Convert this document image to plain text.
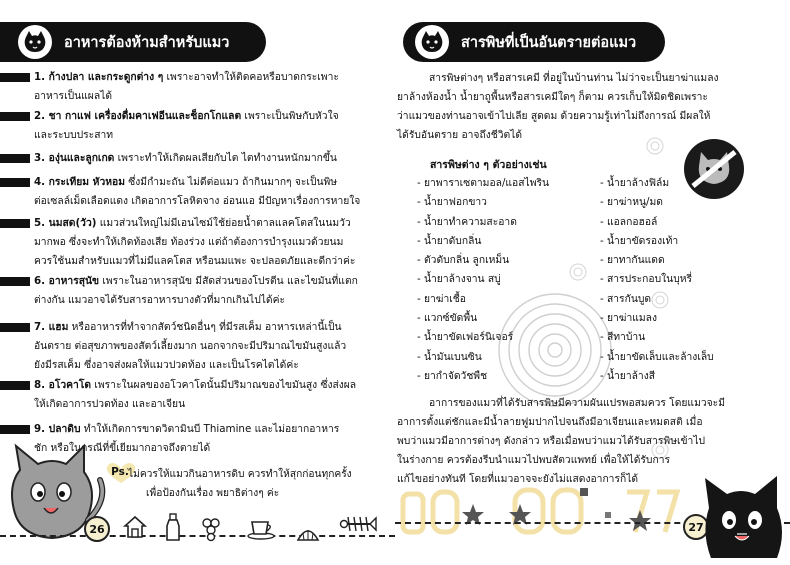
อาหารต้องห้ามสำหรับแมว
1. ก้างปลา และกระดูกต่าง ๆ เพราะอาจทำให้ติดคอหรือบาดกระเพาะ
อาหารเป็นแผลได้
2. ชา กาแฟ เครื่องดื่มคาเฟอีนและช็อกโกแลต เพราะเป็นพิษกับหัวใจ
และระบบประสาท
3. องุ่นและลูกเกด เพราะทำให้เกิดผลเสียกับไต ไตทำงานหนักมากขึ้น
4. กระเทียม หัวหอม ซึ่งมีกำมะถัน ไม่ดีต่อแมว ถ้ากินมากๆ จะเป็นพิษ
ต่อเซลล์เม็ดเลือดแดง เกิดอาการโลหิตจาง อ่อนแอ มีปัญหาเรื่องการหายใจ
5. นมสด(วัว) แมวส่วนใหญ่ไม่มีเอนไซม์ใช้ย่อยน้ำตาลแลคโตสในนมวัว
มากพอ ซึ่งจะทำให้เกิดท้องเสีย ท้องร่วง แต่ถ้าต้องการบำรุงแมวด้วยนม
ควรใช้นมสำหรับแมวที่ไม่มีแลคโตส หรือนมแพะ จะปลอดภัยและดีกว่าค่ะ
6. อาหารสุนัข เพราะในอาหารสุนัข มีสัดส่วนของโปรตีน และไขมันที่แตก
ต่างกัน แมวอาจได้รับสารอาหารบางตัวที่มากเกินไปได้ค่ะ
7. แฮม หรืออาหารที่ทำจากสัตว์ชนิดอื่นๆ ที่มีรสเค็ม อาหารเหล่านี้เป็น
อันตราย ต่อสุขภาพของสัตว์เลี้ยงมาก นอกจากจะมีปริมาณไขมันสูงแล้ว
ยังมีรสเค็ม ซึ่งอาจส่งผลให้แมวปวดท้อง และเป็นโรคไตได้ค่ะ
8. อโวคาโด เพราะในผลของอโวคาโดนั้นมีปริมาณของไขมันสูง ซึ่งส่งผล
ให้เกิดอาการปวดท้อง และอาเจียน
9. ปลาดิบ ทำให้เกิดการขาดวิตามินบี Thiamine และไม่อยากอาหาร
ชัก หรือในกรณีที่ขี้เยียมากอาจถึงตายได้
Ps. ไม่ควรให้แมวกินอาหารดิบ ควรทำให้สุกก่อนทุกครั้ง
เพื่อป้องกันเรื่อง พยาธิต่างๆ ค่ะ
26
สารพิษที่เป็นอันตรายต่อแมว
สารพิษต่างๆ หรือสารเคมี ที่อยู่ในบ้านท่าน ไม่ว่าจะเป็นยาฆ่าแมลง
ยาล้างห้องน้ำ น้ำยาถูพื้นหรือสารเคมีใดๆ ก็ตาม ควรเก็บให้มิดชิดเพราะ
ว่าแมวของท่านอาจเข้าไปเลีย สูดดม ด้วยความรู้เท่าไม่ถึงการณ์ มีผลให้
ได้รับอันตราย อาจถึงชีวิตได้
สารพิษต่าง ๆ ตัวอย่างเช่น
- ยาพาราเซตามอล/แอสไพริน
- น้ำยาฟอกขาว
- น้ำยาทำความสะอาด
- น้ำยาดับกลิ่น
- ตัวดับกลิ่น ลูกเหม็น
- น้ำยาล้างจาน สบู่
- ยาฆ่าเชื้อ
- แวกซ์ขัดพื้น
- น้ำยาขัดเฟอร์นิเจอร์
- น้ำมันเบนซิน
- ยากำจัดวัชพืช
- น้ำยาล้างฟิล์ม
- ยาฆ่าหนู/มด
- แอลกอฮอล์
- น้ำยาขัดรองเท้า
- ยาทากันแดด
- สารประกอบในบุหรี่
- สารกันบูด
- ยาฆ่าแมลง
- สีทาบ้าน
- น้ำยาขัดเล็บและล้างเล็บ
- น้ำยาล้างสี
อาการของแมวที่ได้รับสารพิษมีความผันแปรพอสมควร โดยแมวจะมี
อาการตั้งแต่ชักและมีน้ำลายฟูมปากไปจนถึงมีอาเจียนและหมดสติ เมื่อ
พบว่าแมวมีอาการต่างๆ ดังกล่าว หรือเมื่อพบว่าแมวได้รับสารพิษเข้าไป
ในร่างกาย ควรต้องรีบนำแมวไปพบสัตวแพทย์ เพื่อให้ได้รับการ
แก้ไขอย่างทันที โดยที่แมวอาจจะยังไม่แสดงอาการก็ได้
27
